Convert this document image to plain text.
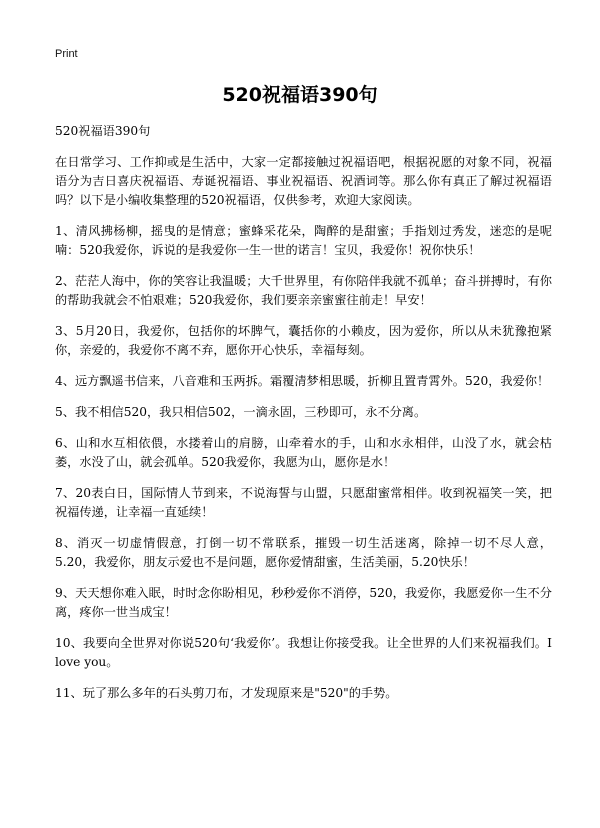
Print
520祝福语390句
520祝福语390句
在日常学习、工作抑或是生活中，大家一定都接触过祝福语吧，根据祝愿的对象不同，祝福语分为吉日喜庆祝福语、寿诞祝福语、事业祝福语、祝酒词等。那么你有真正了解过祝福语吗？以下是小编收集整理的520祝福语，仅供参考，欢迎大家阅读。
1、清风拂杨柳，摇曳的是情意；蜜蜂采花朵，陶醉的是甜蜜；手指划过秀发，迷恋的是呢喃：520我爱你，诉说的是我爱你一生一世的诺言！宝贝，我爱你！祝你快乐！
2、茫茫人海中，你的笑容让我温暖；大千世界里，有你陪伴我就不孤单；奋斗拼搏时，有你的帮助我就会不怕艰难；520我爱你，我们要亲亲蜜蜜往前走！早安！
3、5月20日，我爱你，包括你的坏脾气，囊括你的小赖皮，因为爱你，所以从未犹豫抱紧你，亲爱的，我爱你不离不弃，愿你开心快乐，幸福每刻。
4、远方飘遥书信来，八音难和玉两拆。霜覆清梦相思暖，折柳且置青霄外。520，我爱你！
5、我不相信520，我只相信502，一滴永固，三秒即可，永不分离。
6、山和水互相依偎，水搂着山的肩膀，山牵着水的手，山和水永相伴，山没了水，就会枯萎，水没了山，就会孤单。520我爱你，我愿为山，愿你是水！
7、20表白日，国际情人节到来，不说海誓与山盟，只愿甜蜜常相伴。收到祝福笑一笑，把祝福传递，让幸福一直延续！
8、消灭一切虚情假意，打倒一切不常联系，摧毁一切生活迷离，除掉一切不尽人意，5.20，我爱你，朋友示爱也不是问题，愿你爱情甜蜜，生活美丽，5.20快乐！
9、天天想你难入眠，时时念你盼相见，秒秒爱你不消停，520，我爱你，我愿爱你一生不分离，疼你一世当成宝！
10、我要向全世界对你说520句‘我爱你’。我想让你接受我。让全世界的人们来祝福我们。I love you。
11、玩了那么多年的石头剪刀布，才发现原来是"520"的手势。
